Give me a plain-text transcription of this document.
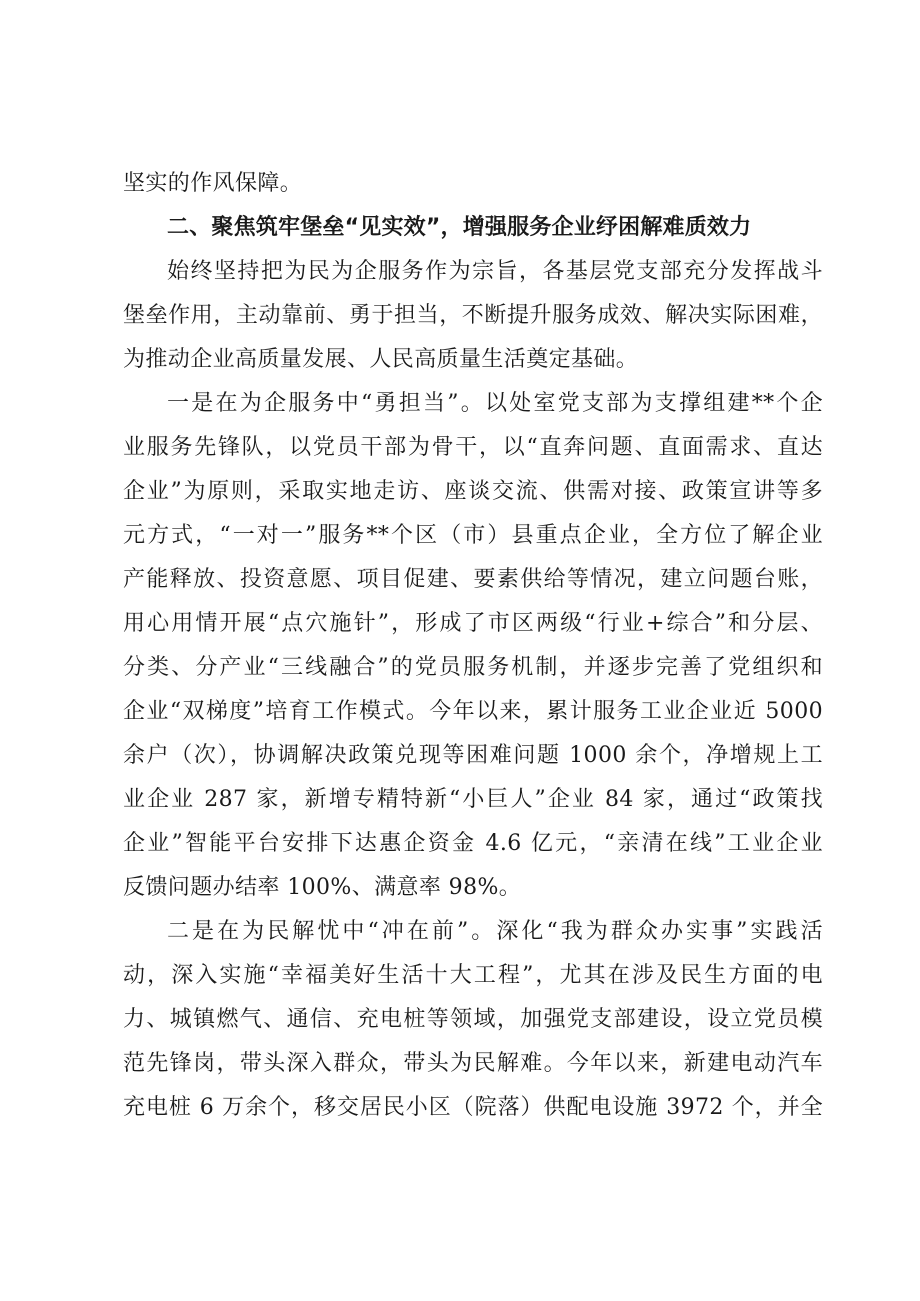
坚实的作风保障。
二、聚焦筑牢堡垒“见实效”，增强服务企业纾困解难质效力
始终坚持把为民为企服务作为宗旨，各基层党支部充分发挥战斗
堡垒作用，主动靠前、勇于担当，不断提升服务成效、解决实际困难，
为推动企业高质量发展、人民高质量生活奠定基础。
一是在为企服务中“勇担当”。以处室党支部为支撑组建**个企
业服务先锋队，以党员干部为骨干，以“直奔问题、直面需求、直达
企业”为原则，采取实地走访、座谈交流、供需对接、政策宣讲等多
元方式，“一对一”服务**个区（市）县重点企业，全方位了解企业
产能释放、投资意愿、项目促建、要素供给等情况，建立问题台账，
用心用情开展“点穴施针”，形成了市区两级“行业+综合”和分层、
分类、分产业“三线融合”的党员服务机制，并逐步完善了党组织和
企业“双梯度”培育工作模式。今年以来，累计服务工业企业近 5000
余户（次），协调解决政策兑现等困难问题 1000 余个，净增规上工
业企业 287 家，新增专精特新“小巨人”企业 84 家，通过“政策找
企业”智能平台安排下达惠企资金 4.6 亿元，“亲清在线”工业企业
反馈问题办结率 100%、满意率 98%。
二是在为民解忧中“冲在前”。深化“我为群众办实事”实践活
动，深入实施“幸福美好生活十大工程”，尤其在涉及民生方面的电
力、城镇燃气、通信、充电桩等领域，加强党支部建设，设立党员模
范先锋岗，带头深入群众，带头为民解难。今年以来，新建电动汽车
充电桩 6 万余个，移交居民小区（院落）供配电设施 3972 个，并全
